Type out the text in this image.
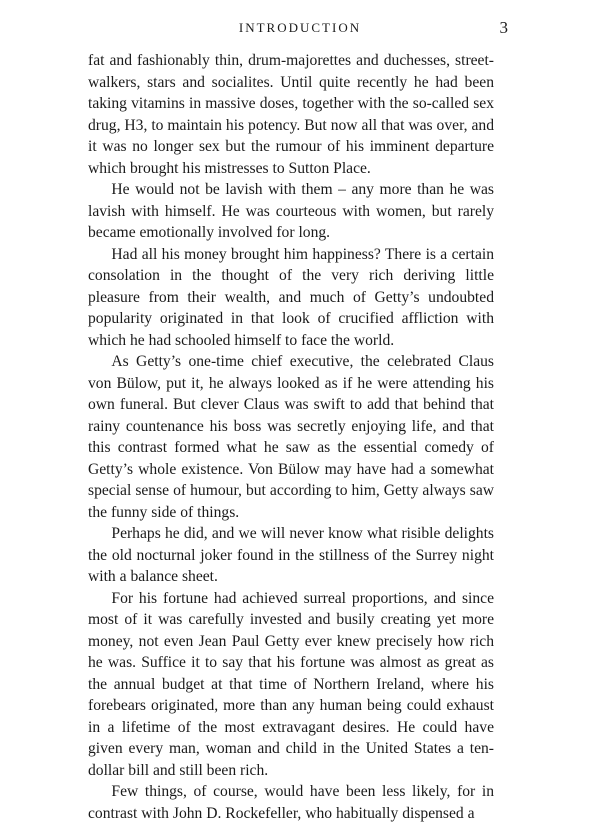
INTRODUCTION	3

fat and fashionably thin, drum-majorettes and duchesses, street-walkers, stars and socialites. Until quite recently he had been taking vitamins in massive doses, together with the so-called sex drug, H3, to maintain his potency. But now all that was over, and it was no longer sex but the rumour of his imminent departure which brought his mistresses to Sutton Place.

He would not be lavish with them – any more than he was lavish with himself. He was courteous with women, but rarely became emotionally involved for long.

Had all his money brought him happiness? There is a certain consolation in the thought of the very rich deriving little pleasure from their wealth, and much of Getty’s undoubted popularity originated in that look of crucified affliction with which he had schooled himself to face the world.

As Getty’s one-time chief executive, the celebrated Claus von Bülow, put it, he always looked as if he were attending his own funeral. But clever Claus was swift to add that behind that rainy countenance his boss was secretly enjoying life, and that this contrast formed what he saw as the essential comedy of Getty’s whole existence. Von Bülow may have had a somewhat special sense of humour, but according to him, Getty always saw the funny side of things.

Perhaps he did, and we will never know what risible delights the old nocturnal joker found in the stillness of the Surrey night with a balance sheet.

For his fortune had achieved surreal proportions, and since most of it was carefully invested and busily creating yet more money, not even Jean Paul Getty ever knew precisely how rich he was. Suffice it to say that his fortune was almost as great as the annual budget at that time of Northern Ireland, where his forebears originated, more than any human being could exhaust in a lifetime of the most extravagant desires. He could have given every man, woman and child in the United States a ten-dollar bill and still been rich.

Few things, of course, would have been less likely, for in contrast with John D. Rockefeller, who habitually dispensed a
